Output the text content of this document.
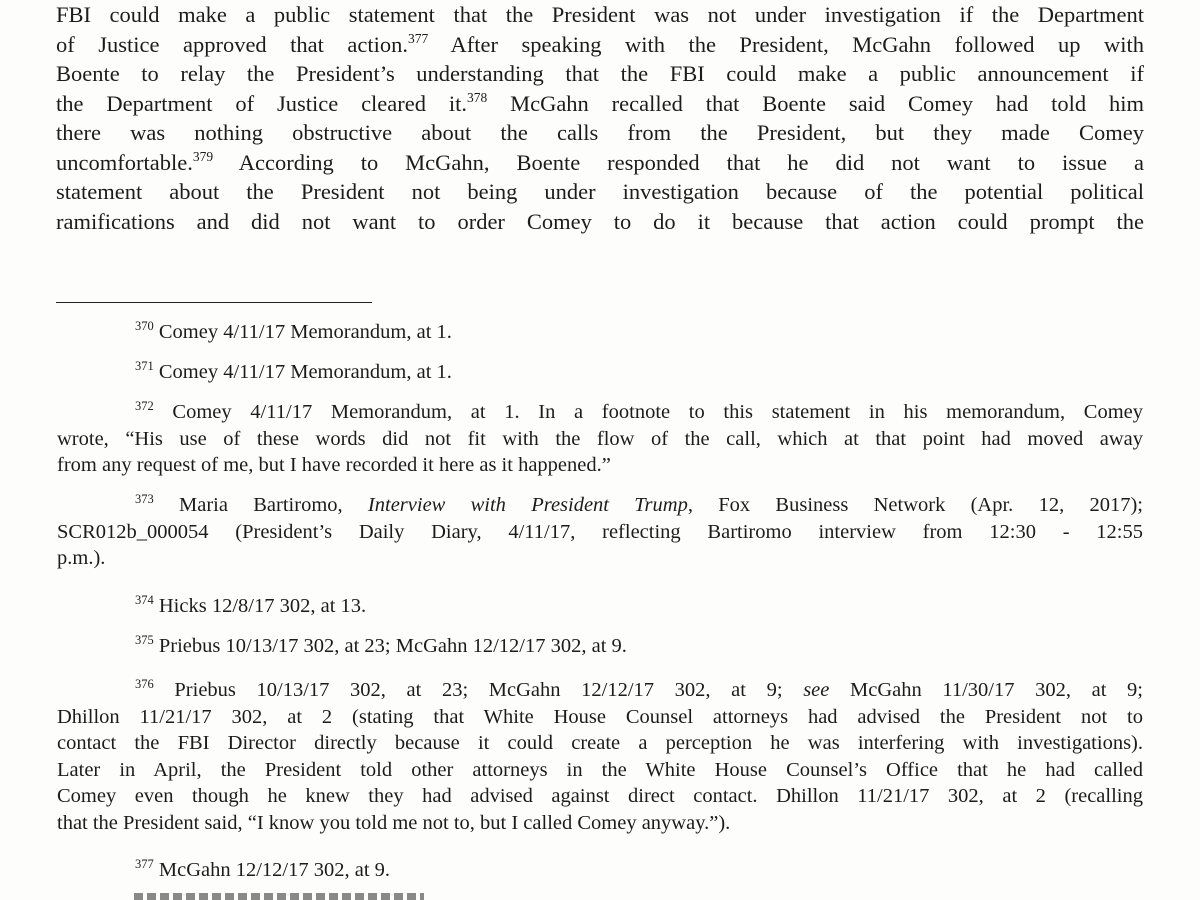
FBI could make a public statement that the President was not under investigation if the Department
of Justice approved that action.$^{377}$ After speaking with the President, McGahn followed up with
Boente to relay the President’s understanding that the FBI could make a public announcement if
the Department of Justice cleared it.$^{378}$ McGahn recalled that Boente said Comey had told him
there was nothing obstructive about the calls from the President, but they made Comey
uncomfortable.$^{379}$ According to McGahn, Boente responded that he did not want to issue a
statement about the President not being under investigation because of the potential political
ramifications and did not want to order Comey to do it because that action could prompt the
$^{370}$ Comey 4/11/17 Memorandum, at 1.
$^{371}$ Comey 4/11/17 Memorandum, at 1.
$^{372}$ Comey 4/11/17 Memorandum, at 1. In a footnote to this statement in his memorandum, Comey
wrote, “His use of these words did not fit with the flow of the call, which at that point had moved away
from any request of me, but I have recorded it here as it happened.”
$^{373}$ Maria Bartiromo, Interview with President Trump, Fox Business Network (Apr. 12, 2017);
SCR012b_000054 (President’s Daily Diary, 4/11/17, reflecting Bartiromo interview from 12:30 - 12:55
p.m.).
$^{374}$ Hicks 12/8/17 302, at 13.
$^{375}$ Priebus 10/13/17 302, at 23; McGahn 12/12/17 302, at 9.
$^{376}$ Priebus 10/13/17 302, at 23; McGahn 12/12/17 302, at 9; see McGahn 11/30/17 302, at 9;
Dhillon 11/21/17 302, at 2 (stating that White House Counsel attorneys had advised the President not to
contact the FBI Director directly because it could create a perception he was interfering with investigations).
Later in April, the President told other attorneys in the White House Counsel’s Office that he had called
Comey even though he knew they had advised against direct contact. Dhillon 11/21/17 302, at 2 (recalling
that the President said, “I know you told me not to, but I called Comey anyway.”).
$^{377}$ McGahn 12/12/17 302, at 9.
